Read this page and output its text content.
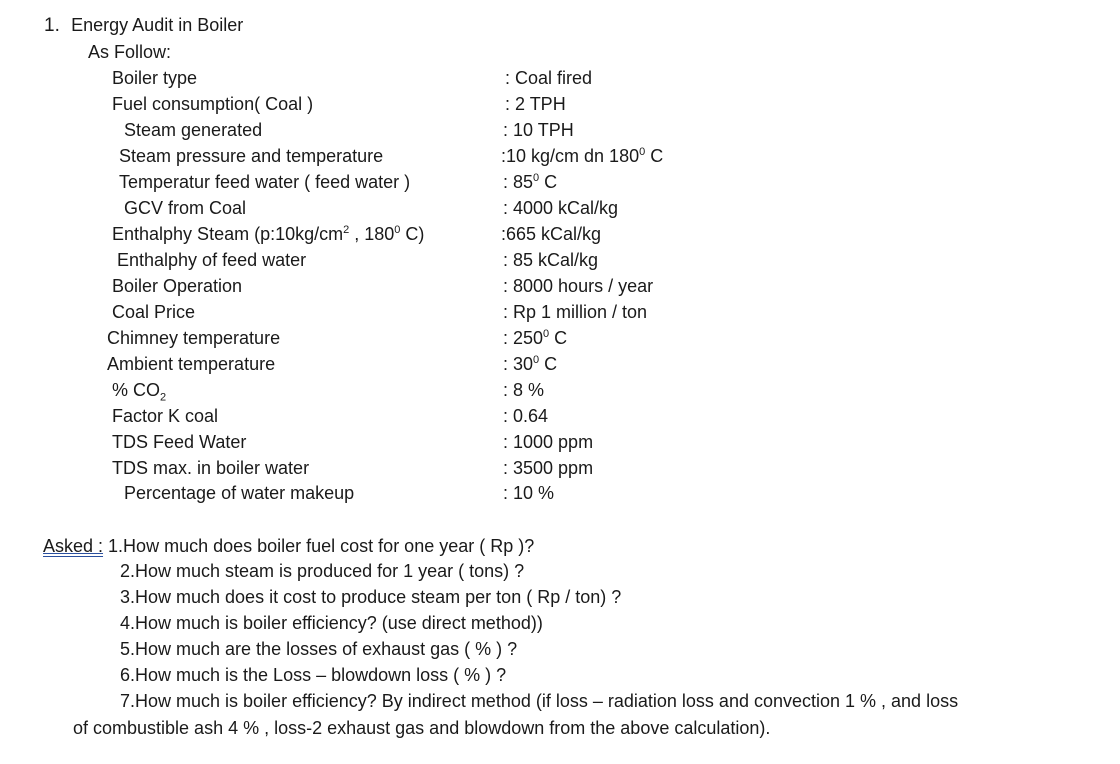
1. Energy Audit in Boiler
As Follow:
Boiler type	: Coal fired
Fuel consumption( Coal )	: 2 TPH
Steam generated	: 10 TPH
Steam pressure and temperature	:10 kg/cm dn $180^0$ C
Temperatur feed water ( feed water )	: $85^0$ C
GCV from Coal	: 4000 kCal/kg
Enthalphy Steam ($p:10kg/cm^2$ , $180^0$ C)	:665 kCal/kg
Enthalphy of feed water	: 85 kCal/kg
Boiler Operation	: 8000 hours / year
Coal Price	: Rp 1 million / ton
Chimney temperature	: $250^0$ C
Ambient temperature	: $30^0$ C
% $CO_2$	: 8 %
Factor K coal	: 0.64
TDS Feed Water	: 1000 ppm
TDS max. in boiler water	: 3500 ppm
Percentage of water makeup	: 10 %
Asked : 1.How much does boiler fuel cost for one year ( Rp )?
2.How much steam is produced for 1 year ( tons) ?
3.How much does it cost to produce steam per ton ( Rp / ton) ?
4.How much is boiler efficiency? (use direct method))
5.How much are the losses of exhaust gas ( % ) ?
6.How much is the Loss – blowdown loss ( % ) ?
7.How much is boiler efficiency? By indirect method (if loss – radiation loss and convection 1 % , and loss
of combustible ash 4 % , loss-2 exhaust gas and blowdown from the above calculation).
